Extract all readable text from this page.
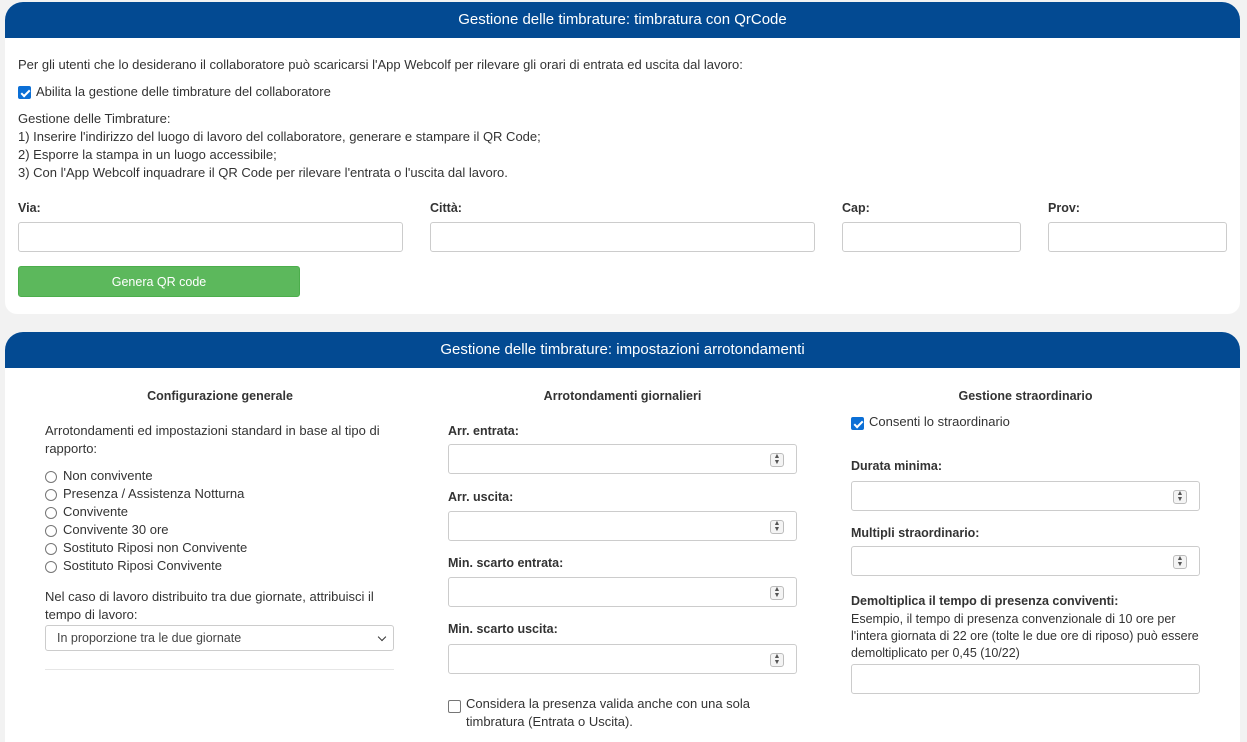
Gestione delle timbrature: timbratura con QrCode
Per gli utenti che lo desiderano il collaboratore può scaricarsi l'App Webcolf per rilevare gli orari di entrata ed uscita dal lavoro:
Abilita la gestione delle timbrature del collaboratore
Gestione delle Timbrature:
1) Inserire l'indirizzo del luogo di lavoro del collaboratore, generare e stampare il QR Code;
2) Esporre la stampa in un luogo accessibile;
3) Con l'App Webcolf inquadrare il QR Code per rilevare l'entrata o l'uscita dal lavoro.
Via:	Città:	Cap:	Prov:
Genera QR code
Gestione delle timbrature: impostazioni arrotondamenti
Configurazione generale
Arrotondamenti ed impostazioni standard in base al tipo di
rapporto:
Non convivente
Presenza / Assistenza Notturna
Convivente
Convivente 30 ore
Sostituto Riposi non Convivente
Sostituto Riposi Convivente
Nel caso di lavoro distribuito tra due giornate, attribuisci il
tempo di lavoro:
In proporzione tra le due giornate
Arrotondamenti giornalieri
Arr. entrata:
▲
▼
Arr. uscita:
▲
▼
Min. scarto entrata:
▲
▼
Min. scarto uscita:
▲
▼
Considera la presenza valida anche con una sola
timbratura (Entrata o Uscita).
Gestione straordinario
Consenti lo straordinario
Durata minima:
▲
▼
Multipli straordinario:
▲
▼
Demoltiplica il tempo di presenza conviventi:
Esempio, il tempo di presenza convenzionale di 10 ore per
l'intera giornata di 22 ore (tolte le due ore di riposo) può essere
demoltiplicato per 0,45 (10/22)
